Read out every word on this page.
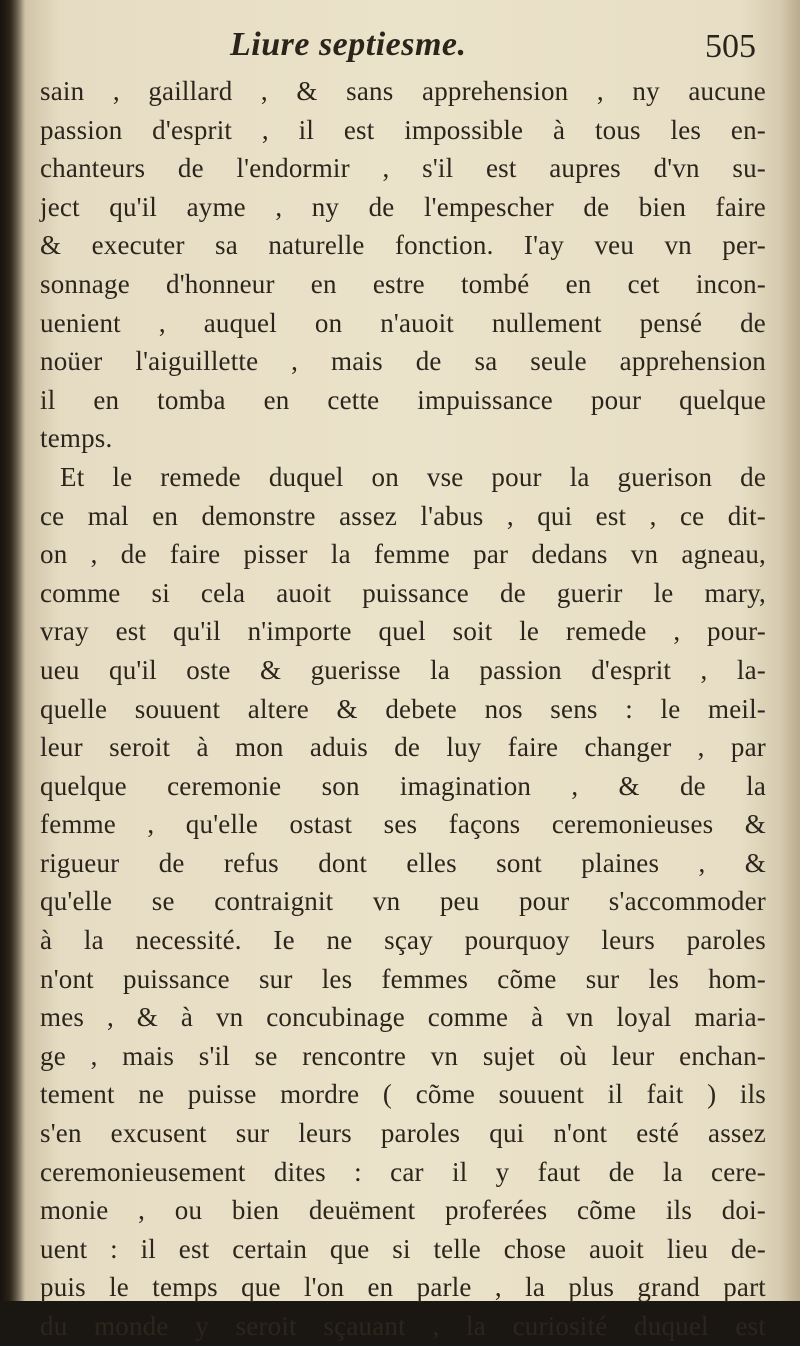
Liure septiesme.	505
sain , gaillard , & sans apprehension , ny aucune
passion d'esprit , il est impossible à tous les en-
chanteurs de l'endormir , s'il est aupres d'vn su-
ject qu'il ayme , ny de l'empescher de bien faire
& executer sa naturelle fonction. I'ay veu vn per-
sonnage d'honneur en estre tombé en cet incon-
uenient , auquel on n'auoit nullement pensé de
noüer l'aiguillette , mais de sa seule apprehension
il en tomba en cette impuissance pour quelque
temps.
Et le remede duquel on vse pour la guerison de
ce mal en demonstre assez l'abus , qui est , ce dit-
on , de faire pisser la femme par dedans vn agneau,
comme si cela auoit puissance de guerir le mary,
vray est qu'il n'importe quel soit le remede , pour-
ueu qu'il oste & guerisse la passion d'esprit , la-
quelle souuent altere & debete nos sens : le meil-
leur seroit à mon aduis de luy faire changer , par
quelque ceremonie son imagination , & de la
femme , qu'elle ostast ses façons ceremonieuses &
rigueur de refus dont elles sont plaines , &
qu'elle se contraignit vn peu pour s'accommoder
à la necessité. Ie ne sçay pourquoy leurs paroles
n'ont puissance sur les femmes cõme sur les hom-
mes , & à vn concubinage comme à vn loyal maria-
ge , mais s'il se rencontre vn sujet où leur enchan-
tement ne puisse mordre ( cõme souuent il fait ) ils
s'en excusent sur leurs paroles qui n'ont esté assez
ceremonieusement dites : car il y faut de la cere-
monie , ou bien deuëment proferées cõme ils doi-
uent : il est certain que si telle chose auoit lieu de-
puis le temps que l'on en parle , la plus grand part
du monde y seroit sçauant , la curiosité duquel est
